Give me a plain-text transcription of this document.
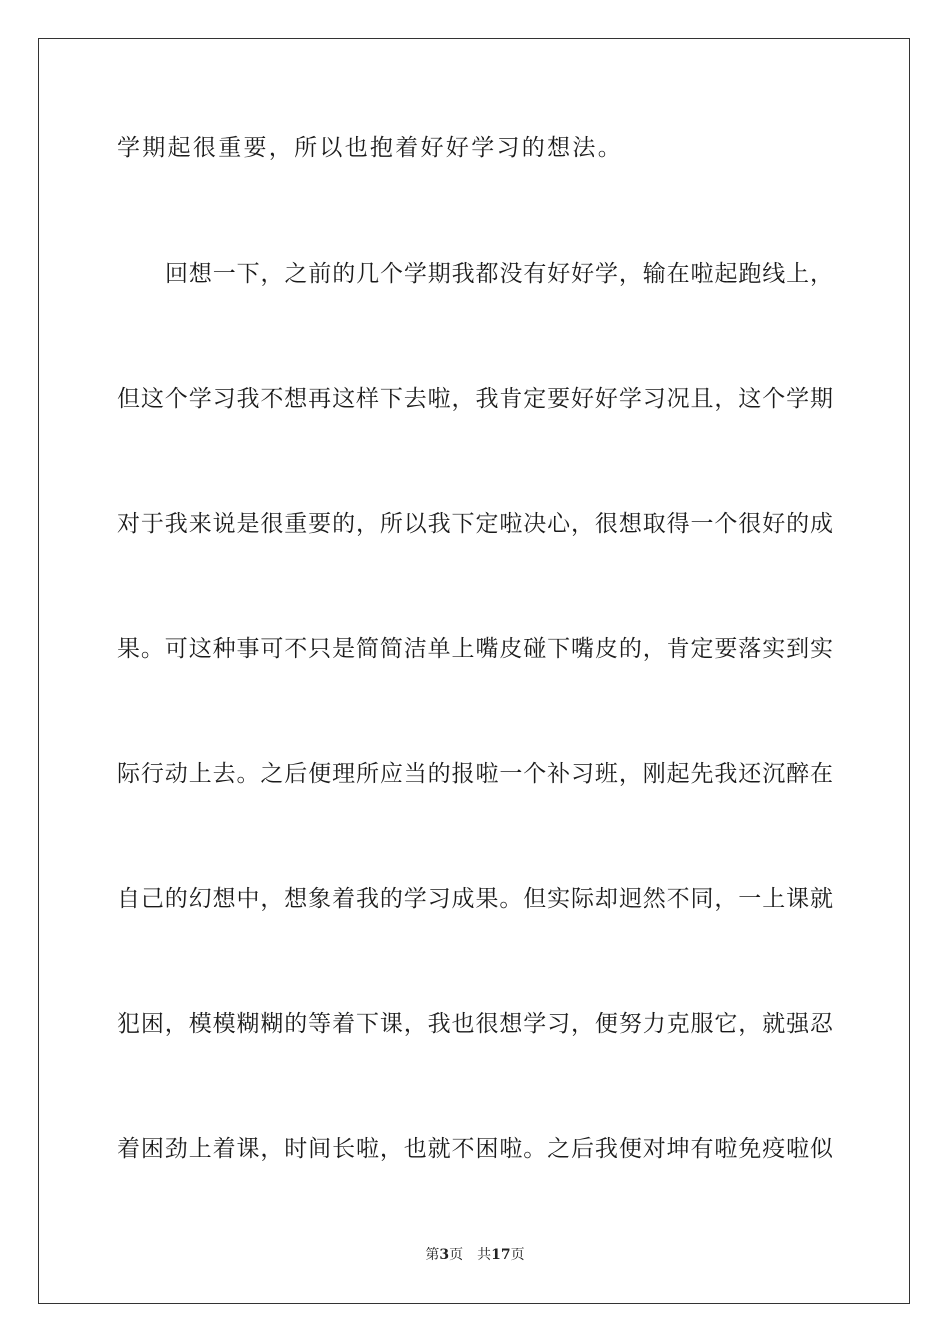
学期起很重要，所以也抱着好好学习的想法。

回想一下，之前的几个学期我都没有好好学，输在啦起跑线上，

但这个学习我不想再这样下去啦，我肯定要好好学习况且，这个学期

对于我来说是很重要的，所以我下定啦决心，很想取得一个很好的成

果。可这种事可不只是简简洁单上嘴皮碰下嘴皮的，肯定要落实到实

际行动上去。之后便理所应当的报啦一个补习班，刚起先我还沉醉在

自己的幻想中，想象着我的学习成果。但实际却迥然不同，一上课就

犯困，模模糊糊的等着下课，我也很想学习，便努力克服它，就强忍

着困劲上着课，时间长啦，也就不困啦。之后我便对坤有啦免疫啦似

第3页 共17页
